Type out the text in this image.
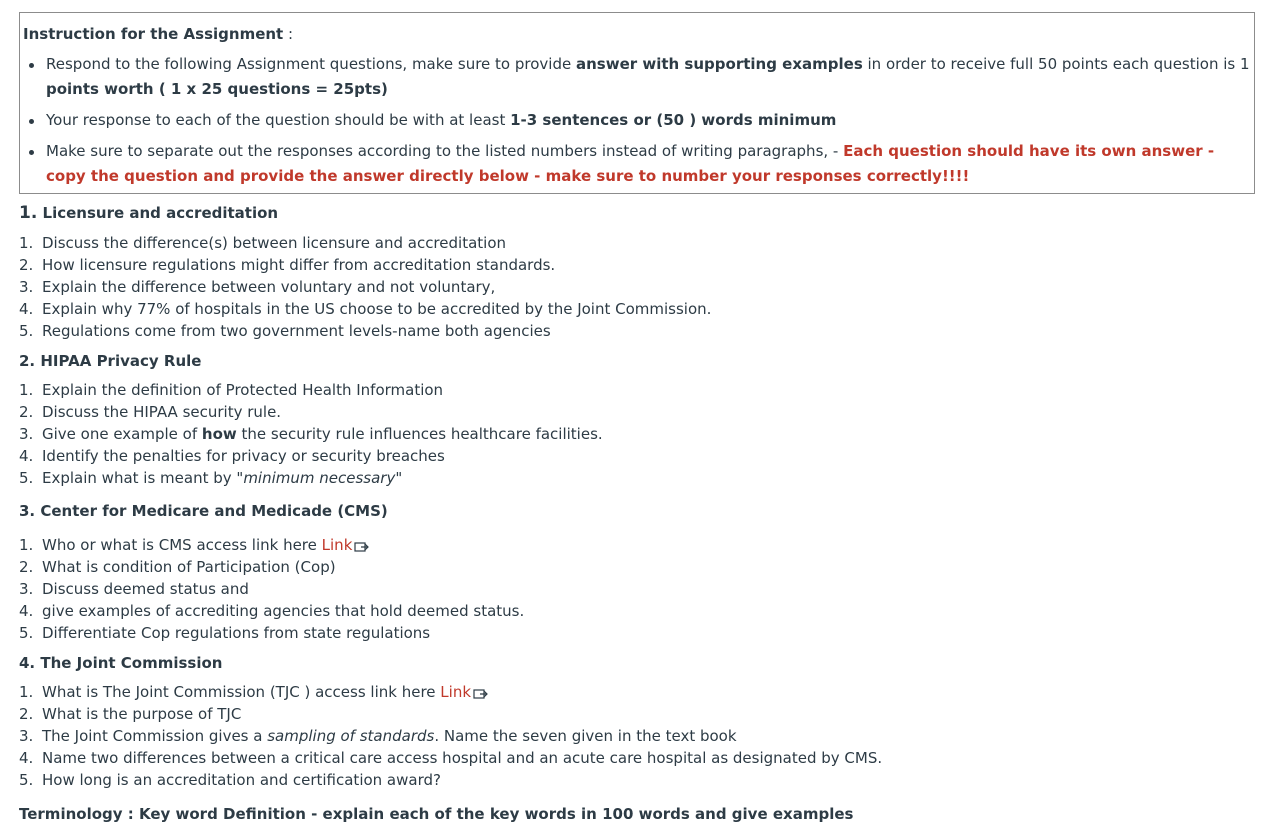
Instruction for the Assignment :
Respond to the following Assignment questions, make sure to provide answer with supporting examples in order to receive full 50 points each question is 1 points worth ( 1 x 25 questions = 25pts)
Your response to each of the question should be with at least 1-3 sentences or (50 ) words minimum
Make sure to separate out the responses according to the listed numbers instead of writing paragraphs, - Each question should have its own answer - copy the question and provide the answer directly below - make sure to number your responses correctly!!!!
1. Licensure and accreditation
1. Discuss the difference(s) between licensure and accreditation
2. How licensure regulations might differ from accreditation standards.
3. Explain the difference between voluntary and not voluntary,
4. Explain why 77% of hospitals in the US choose to be accredited by the Joint Commission.
5. Regulations come from two government levels-name both agencies
2. HIPAA Privacy Rule
1. Explain the definition of Protected Health Information
2. Discuss the HIPAA security rule.
3. Give one example of how the security rule influences healthcare facilities.
4. Identify the penalties for privacy or security breaches
5. Explain what is meant by "minimum necessary"
3. Center for Medicare and Medicade (CMS)
1. Who or what is CMS access link here Link
2. What is condition of Participation (Cop)
3. Discuss deemed status and
4. give examples of accrediting agencies that hold deemed status.
5. Differentiate Cop regulations from state regulations
4. The Joint Commission
1. What is The Joint Commission (TJC ) access link here Link
2. What is the purpose of TJC
3. The Joint Commission gives a sampling of standards. Name the seven given in the text book
4. Name two differences between a critical care access hospital and an acute care hospital as designated by CMS.
5. How long is an accreditation and certification award?
Terminology : Key word Definition - explain each of the key words in 100 words and give examples
